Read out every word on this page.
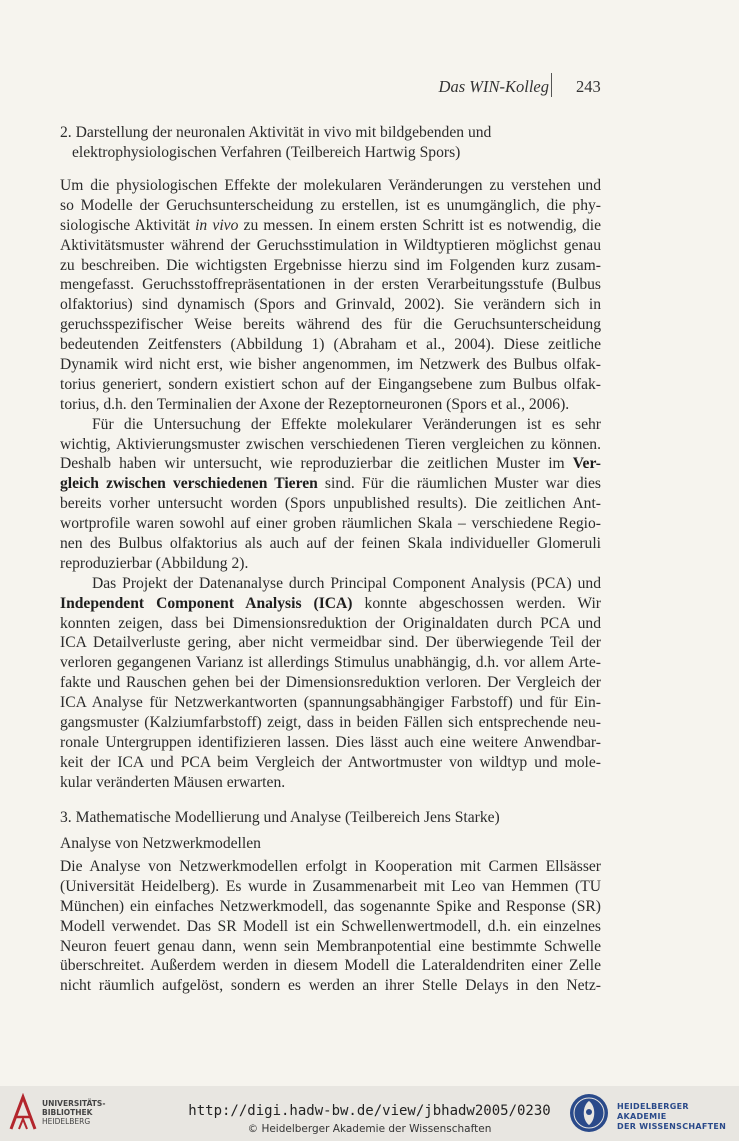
Das WIN-Kolleg 243
2. Darstellung der neuronalen Aktivität in vivo mit bildgebenden und
elektrophysiologischen Verfahren (Teilbereich Hartwig Spors)
Um die physiologischen Effekte der molekularen Veränderungen zu verstehen und
so Modelle der Geruchsunterscheidung zu erstellen, ist es unumgänglich, die phy-
siologische Aktivität in vivo zu messen. In einem ersten Schritt ist es notwendig, die
Aktivitätsmuster während der Geruchsstimulation in Wildtyptieren möglichst genau
zu beschreiben. Die wichtigsten Ergebnisse hierzu sind im Folgenden kurz zusam-
mengefasst. Geruchsstoffrepräsentationen in der ersten Verarbeitungsstufe (Bulbus
olfaktorius) sind dynamisch (Spors and Grinvald, 2002). Sie verändern sich in
geruchsspezifischer Weise bereits während des für die Geruchsunterscheidung
bedeutenden Zeitfensters (Abbildung 1) (Abraham et al., 2004). Diese zeitliche
Dynamik wird nicht erst, wie bisher angenommen, im Netzwerk des Bulbus olfak-
torius generiert, sondern existiert schon auf der Eingangsebene zum Bulbus olfak-
torius, d.h. den Terminalien der Axone der Rezeptorneuronen (Spors et al., 2006).
Für die Untersuchung der Effekte molekularer Veränderungen ist es sehr
wichtig, Aktivierungsmuster zwischen verschiedenen Tieren vergleichen zu können.
Deshalb haben wir untersucht, wie reproduzierbar die zeitlichen Muster im Ver-
gleich zwischen verschiedenen Tieren sind. Für die räumlichen Muster war dies
bereits vorher untersucht worden (Spors unpublished results). Die zeitlichen Ant-
wortprofile waren sowohl auf einer groben räumlichen Skala – verschiedene Regio-
nen des Bulbus olfaktorius als auch auf der feinen Skala individueller Glomeruli
reproduzierbar (Abbildung 2).
Das Projekt der Datenanalyse durch Principal Component Analysis (PCA) und
Independent Component Analysis (ICA) konnte abgeschossen werden. Wir
konnten zeigen, dass bei Dimensionsreduktion der Originaldaten durch PCA und
ICA Detailverluste gering, aber nicht vermeidbar sind. Der überwiegende Teil der
verloren gegangenen Varianz ist allerdings Stimulus unabhängig, d.h. vor allem Arte-
fakte und Rauschen gehen bei der Dimensionsreduktion verloren. Der Vergleich der
ICA Analyse für Netzwerkantworten (spannungsabhängiger Farbstoff) und für Ein-
gangsmuster (Kalziumfarbstoff) zeigt, dass in beiden Fällen sich entsprechende neu-
ronale Untergruppen identifizieren lassen. Dies lässt auch eine weitere Anwendbar-
keit der ICA und PCA beim Vergleich der Antwortmuster von wildtyp und mole-
kular veränderten Mäusen erwarten.
3. Mathematische Modellierung und Analyse (Teilbereich Jens Starke)
Analyse von Netzwerkmodellen
Die Analyse von Netzwerkmodellen erfolgt in Kooperation mit Carmen Ellsässer
(Universität Heidelberg). Es wurde in Zusammenarbeit mit Leo van Hemmen (TU
München) ein einfaches Netzwerkmodell, das sogenannte Spike and Response (SR)
Modell verwendet. Das SR Modell ist ein Schwellenwertmodell, d.h. ein einzelnes
Neuron feuert genau dann, wenn sein Membranpotential eine bestimmte Schwelle
überschreitet. Außerdem werden in diesem Modell die Lateraldendriten einer Zelle
nicht räumlich aufgelöst, sondern es werden an ihrer Stelle Delays in den Netz-
UNIVERSITÄTS-
BIBLIOTHEK
HEIDELBERG
http://digi.hadw-bw.de/view/jbhadw2005/0230
© Heidelberger Akademie der Wissenschaften
HEIDELBERGER AKADEMIE
DER WISSENSCHAFTEN
